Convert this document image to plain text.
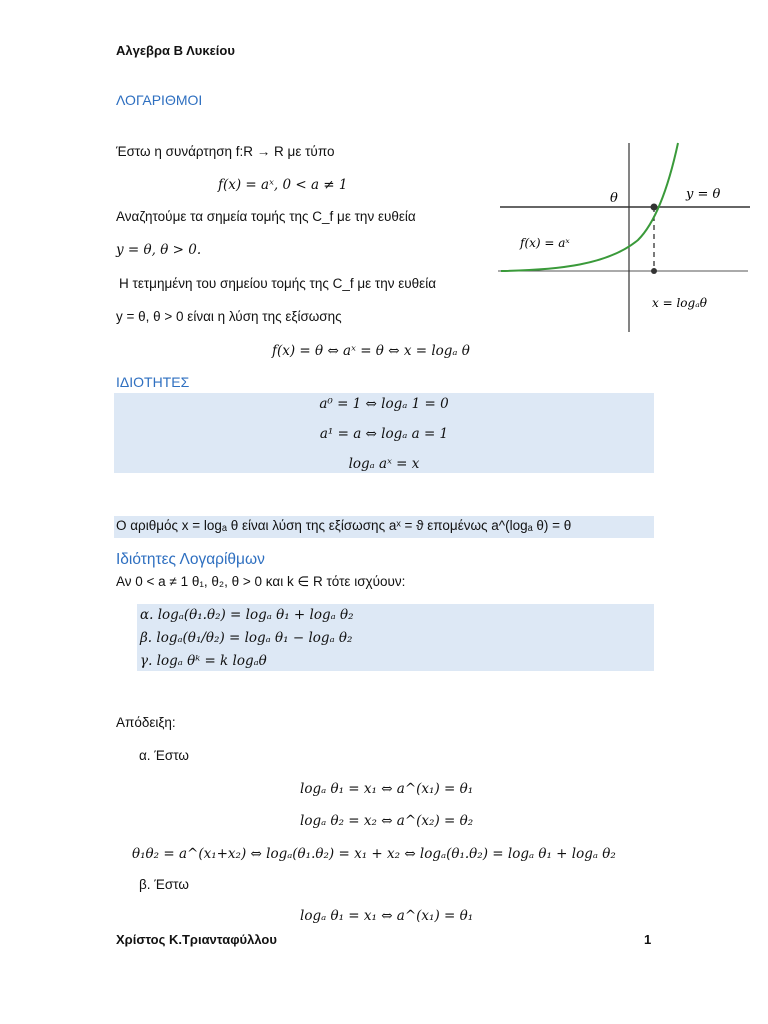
Αλγεβρα Β Λυκείου
ΛΟΓΑΡΙΘΜΟΙ
Έστω η συνάρτηση f:R → R με τύπο
f(x) = aˣ, 0 < a ≠ 1
Αναζητούμε τα σημεία τομής της C_f με την ευθεία
y = θ, θ > 0.
Η τετμημένη του σημείου τομής της C_f με την ευθεία
y = θ, θ > 0 είναι η λύση της εξίσωσης
f(x) = θ ⇔ aˣ = θ ⇔ x = logₐ θ
θ	y = θ
f(x) = aˣ
x = logₐθ
ΙΔΙΟΤΗΤΕΣ
a⁰ = 1 ⇔ logₐ 1 = 0
a¹ = a ⇔ logₐ a = 1
logₐ aˣ = x
Ο αριθμός x = logₐ θ είναι λύση της εξίσωσης aˣ = ϑ επομένως a^(logₐ θ) = θ
Ιδιότητες Λογαρίθμων
Αν 0 < a ≠ 1 θ₁, θ₂, θ > 0 και k ∈ R τότε ισχύουν:
α. logₐ(θ₁.θ₂) = logₐ θ₁ + logₐ θ₂
β. logₐ(θ₁/θ₂) = logₐ θ₁ − logₐ θ₂
γ. logₐ θᵏ = k logₐθ
Απόδειξη:
α. Έστω
logₐ θ₁ = x₁ ⇔ a^(x₁) = θ₁
logₐ θ₂ = x₂ ⇔ a^(x₂) = θ₂
θ₁θ₂ = a^(x₁+x₂) ⇔ logₐ(θ₁.θ₂) = x₁ + x₂ ⇔ logₐ(θ₁.θ₂) = logₐ θ₁ + logₐ θ₂
β. Έστω
logₐ θ₁ = x₁ ⇔ a^(x₁) = θ₁
Χρίστος Κ.Τριανταφύλλου	1
